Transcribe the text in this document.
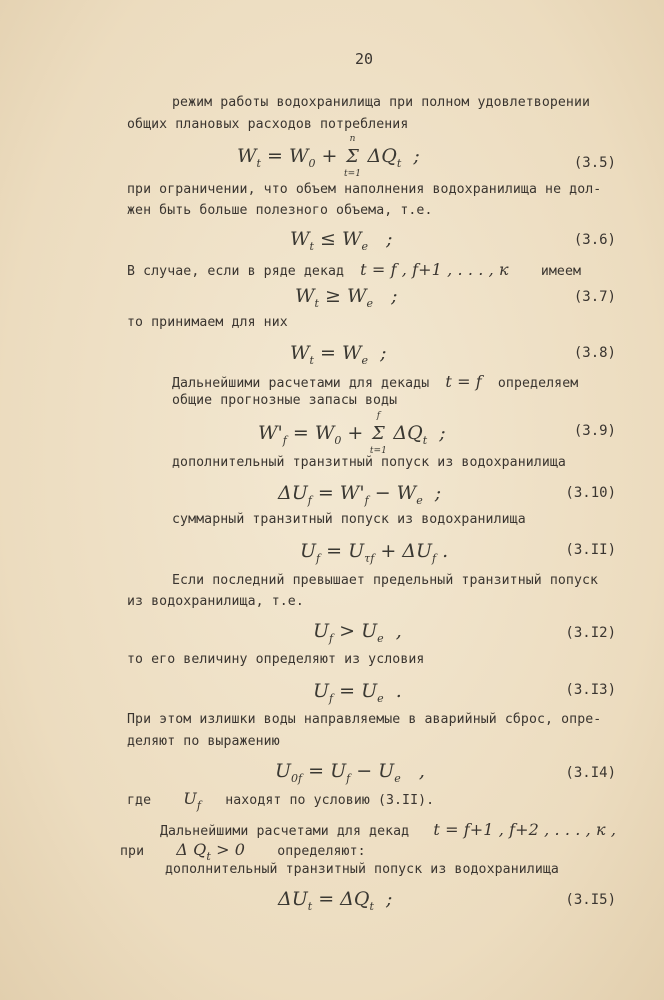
20
режим работы водохранилища при полном удовлетворении
общих плановых расходов потребления
$W_t = W_0$ +
n
Σ
t=1
$\Delta Q_t$  ;	(3.5)
при ограничении, что объем наполнения водохранилища не дол-
жен быть больше полезного объема, т.е.
$W_t \le W_e$   ;	(3.6)
В случае, если в ряде декад t = f , f+1 , . . . , к имеем
$W_t \ge W_e$   ;	(3.7)
то принимаем для них
$W_t = W_e$  ;	(3.8)
Дальнейшими расчетами для декады t = f определяем
общие прогнозные запасы воды
$W'_f = W_0$ +
f
Σ
t=1
$\Delta Q_t$  ;	(3.9)
дополнительный транзитный попуск из водохранилища
$\Delta U_f = W'_f - W_e$  ;	(3.10)
суммарный транзитный попуск из водохранилища
$U_f = U_{\tau f} + \Delta U_f$ .	(3.II)
Если последний превышает предельный транзитный попуск
из водохранилища, т.е.
$U_f > U_e$  ,	(3.I2)
то его величину определяют из условия
$U_f = U_e$  .	(3.I3)
При этом излишки воды направляемые в аварийный сброс, опре-
деляют по выражению
$U_{0f} = U_f - U_e$   ,	(3.I4)
где $U_f$ находят по условию (3.II).
Дальнейшими расчетами для декад t = f+1 , f+2 , . . . , к ,
при Δ $Q_t > 0$ определяют:
дополнительный транзитный попуск из водохранилища
$\Delta U_t = \Delta Q_t$  ;	(3.I5)
